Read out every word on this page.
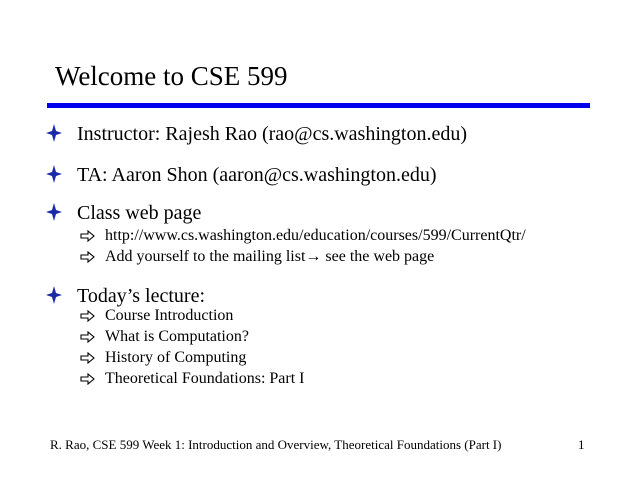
Welcome to CSE 599
Instructor: Rajesh Rao (rao@cs.washington.edu)
TA: Aaron Shon (aaron@cs.washington.edu)
Class web page
http://www.cs.washington.edu/education/courses/599/CurrentQtr/
Add yourself to the mailing list→ see the web page
Today’s lecture:
Course Introduction
What is Computation?
History of Computing
Theoretical Foundations: Part I
R. Rao, CSE 599 Week 1: Introduction and Overview, Theoretical Foundations (Part I)	1
